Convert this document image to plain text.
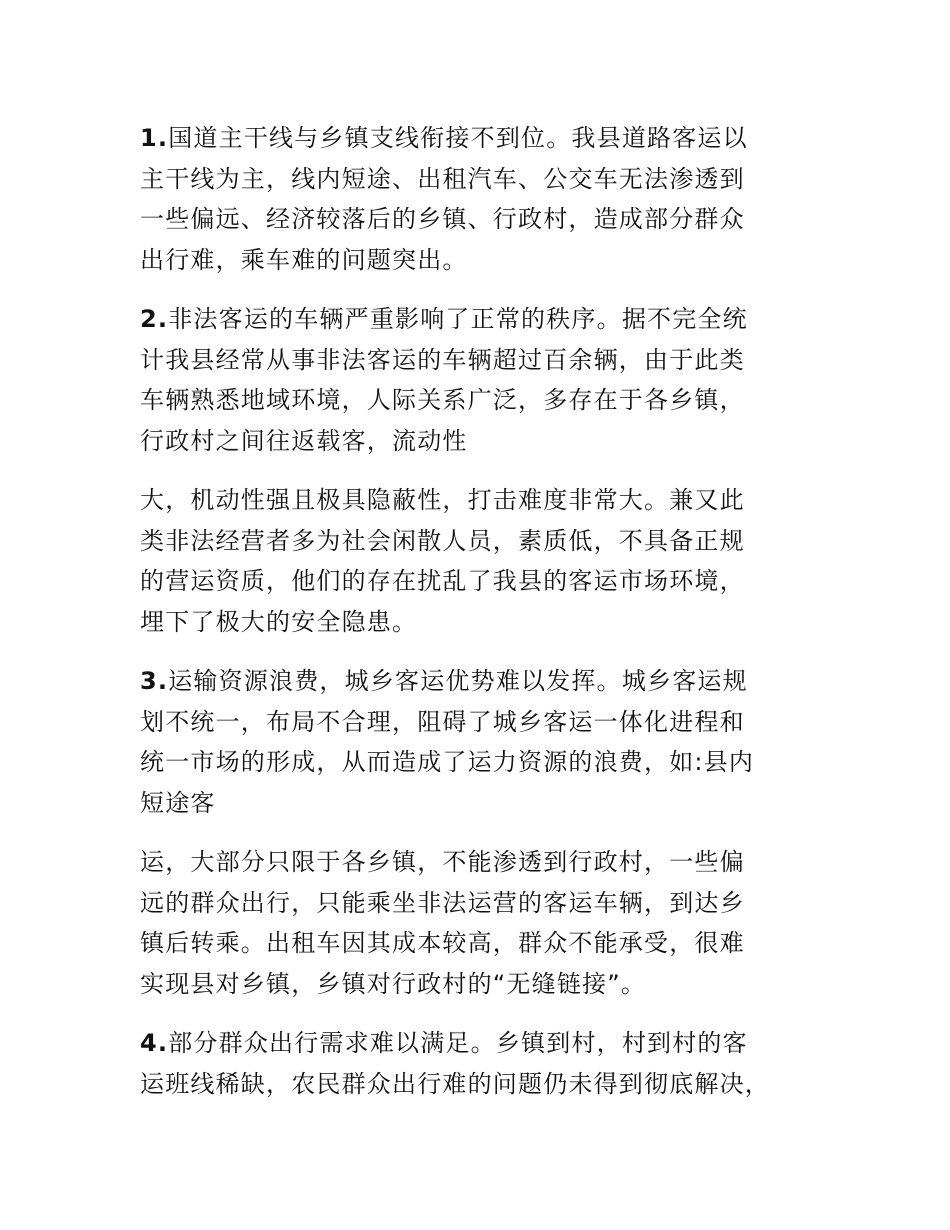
1.国道主干线与乡镇支线衔接不到位。我县道路客运以
主干线为主，线内短途、出租汽车、公交车无法渗透到
一些偏远、经济较落后的乡镇、行政村，造成部分群众
出行难，乘车难的问题突出。

2.非法客运的车辆严重影响了正常的秩序。据不完全统
计我县经常从事非法客运的车辆超过百余辆，由于此类
车辆熟悉地域环境，人际关系广泛，多存在于各乡镇，
行政村之间往返载客，流动性

大，机动性强且极具隐蔽性，打击难度非常大。兼又此
类非法经营者多为社会闲散人员，素质低，不具备正规
的营运资质，他们的存在扰乱了我县的客运市场环境，
埋下了极大的安全隐患。

3.运输资源浪费，城乡客运优势难以发挥。城乡客运规
划不统一，布局不合理，阻碍了城乡客运一体化进程和
统一市场的形成，从而造成了运力资源的浪费，如:县内
短途客

运，大部分只限于各乡镇，不能渗透到行政村，一些偏
远的群众出行，只能乘坐非法运营的客运车辆，到达乡
镇后转乘。出租车因其成本较高，群众不能承受，很难
实现县对乡镇，乡镇对行政村的“无缝链接”。

4.部分群众出行需求难以满足。乡镇到村，村到村的客
运班线稀缺，农民群众出行难的问题仍未得到彻底解决，
